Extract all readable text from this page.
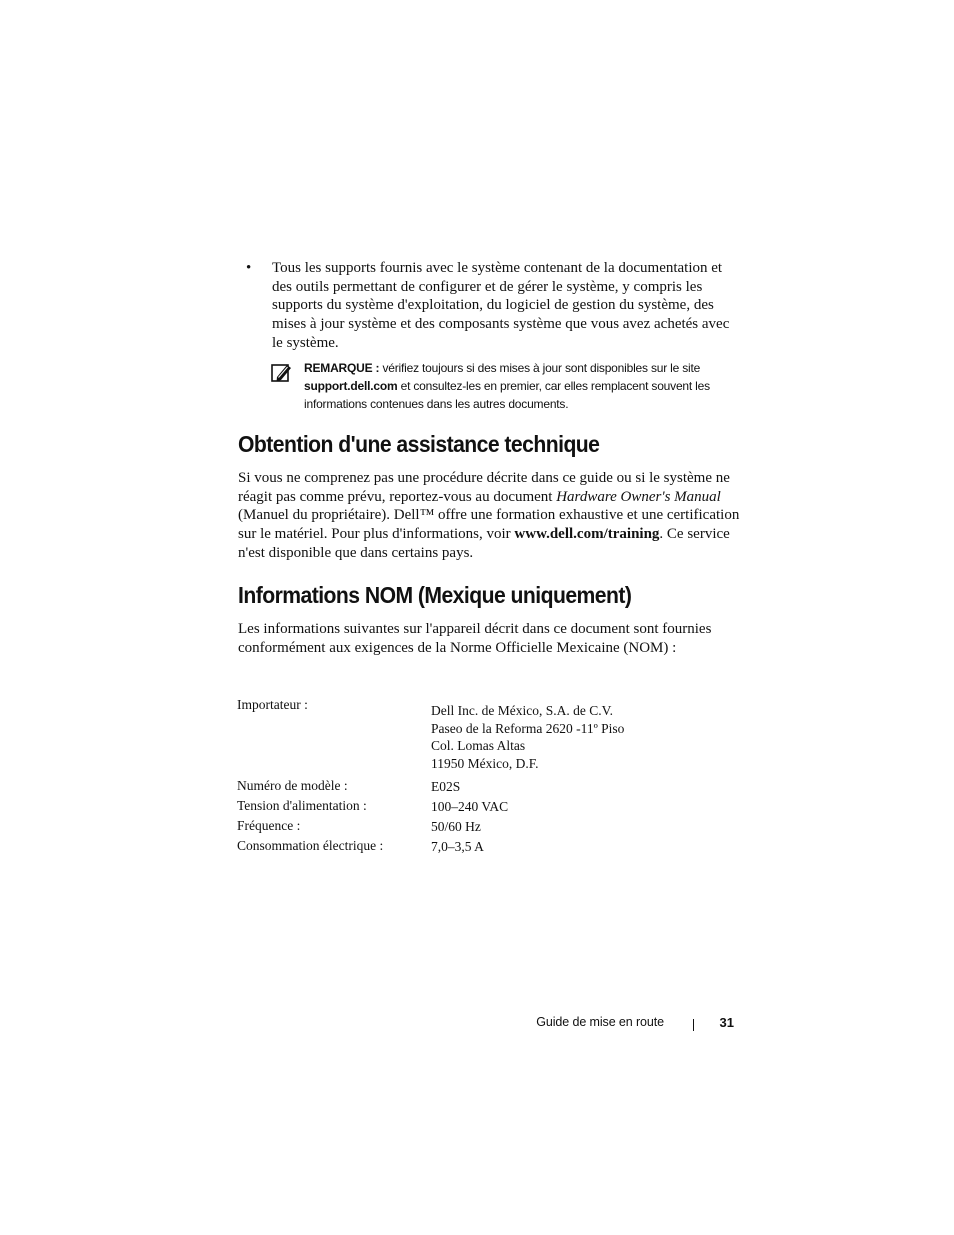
• Tous les supports fournis avec le système contenant de la documentation et des outils permettant de configurer et de gérer le système, y compris les supports du système d'exploitation, du logiciel de gestion du système, des mises à jour système et des composants système que vous avez achetés avec le système.
REMARQUE : vérifiez toujours si des mises à jour sont disponibles sur le site support.dell.com et consultez-les en premier, car elles remplacent souvent les informations contenues dans les autres documents.
Obtention d'une assistance technique
Si vous ne comprenez pas une procédure décrite dans ce guide ou si le système ne réagit pas comme prévu, reportez-vous au document Hardware Owner's Manual (Manuel du propriétaire). Dell™ offre une formation exhaustive et une certification sur le matériel. Pour plus d'informations, voir www.dell.com/training. Ce service n'est disponible que dans certains pays.
Informations NOM (Mexique uniquement)
Les informations suivantes sur l'appareil décrit dans ce document sont fournies conformément aux exigences de la Norme Officielle Mexicaine (NOM) :
Importateur :	Dell Inc. de México, S.A. de C.V.
Paseo de la Reforma 2620 -11º Piso
Col. Lomas Altas
11950 México, D.F.
Numéro de modèle :	E02S
Tension d'alimentation :	100–240 VAC
Fréquence :	50/60 Hz
Consommation électrique :	7,0–3,5 A
Guide de mise en route	31
